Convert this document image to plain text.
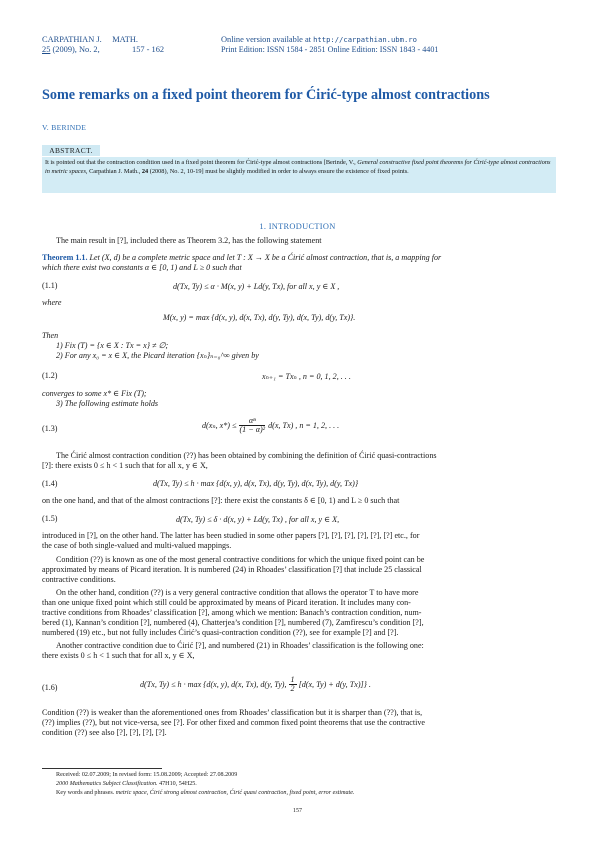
CARPATHIAN J.     MATH.
25 (2009), No. 2,	157 - 162
Online version available at http://carpathian.ubm.ro
Print Edition: ISSN 1584 - 2851 Online Edition: ISSN 1843 - 4401
Some remarks on a fixed point theorem for Ćirić-type almost contractions
V. BERINDE
ABSTRACT.
It is pointed out that the contraction condition used in a fixed point theorem for Ćirić-type almost contractions [Berinde, V., General constructive fixed point theorems for Ćirić-type almost contractions in metric spaces, Carpathian J. Math., 24 (2008), No. 2, 10-19] must be slightly modified in order to always ensure the existence of fixed points.
1. INTRODUCTION
The main result in [?], included there as Theorem 3.2, has the following statement
Theorem 1.1. Let (X, d) be a complete metric space and let T : X → X be a Ćirić almost contraction, that is, a mapping for
which there exist two constants α ∈ [0, 1) and L ≥ 0 such that
(1.1)	d(Tx, Ty) ≤ α · M(x, y) + Ld(y, Tx), for all x, y ∈ X ,
where
M(x, y) = max {d(x, y), d(x, Tx), d(y, Ty), d(x, Ty), d(y, Tx)}.
Then
1) Fix (T) = {x ∈ X : Tx = x} ≠ ∅;
2) For any x₀ = x ∈ X, the Picard iteration {xₙ}ₙ₌₀^∞ given by
(1.2)	xₙ₊₁ = Txₙ , n = 0, 1, 2, . . .
converges to some x* ∈ Fix (T);
3) The following estimate holds
(1.3)	d(xₙ, $x*) \le \frac{\text{αⁿ}}{\text{(1 − α)²}} d(x$, Tx) , n = 1, 2, . . .
The Ćirić almost contraction condition (??) has been obtained by combining the definition of Ćirić quasi-contractions
[?]: there exists 0 ≤ h < 1 such that for all x, y ∈ X,
(1.4)	d(Tx, Ty) ≤ h · max {d(x, y), d(x, Tx), d(y, Ty), d(x, Ty), d(y, Tx)}
on the one hand, and that of the almost contractions [?]: there exist the constants δ ∈ [0, 1) and L ≥ 0 such that
(1.5)	d(Tx, Ty) ≤ δ · d(x, y) + Ld(y, Tx) , for all x, y ∈ X,
introduced in [?], on the other hand. The latter has been studied in some other papers [?], [?], [?], [?], [?], [?] etc., for
the case of both single-valued and multi-valued mappings.
Condition (??) is known as one of the most general contractive conditions for which the unique fixed point can be
approximated by means of Picard iteration. It is numbered (24) in Rhoades’ classification [?] that include 25 classical
contractive conditions.
On the other hand, condition (??) is a very general contractive condition that allows the operator T to have more
than one unique fixed point which still could be approximated by means of Picard iteration. It includes many con-
tractive conditions from Rhoades’ classification [?], among which we mention: Banach’s contraction condition, num-
bered (1), Kannan’s condition [?], numbered (4), Chatterjea’s condition [?], numbered (7), Zamfirescu’s condition [?],
numbered (19) etc., but not fully includes Ćirić’s quasi-contraction condition (??), see for example [?] and [?].
Another contractive condition due to Ćirić [?], and numbered (21) in Rhoades’ classification is the following one:
there exists 0 ≤ h < 1 such that for all x, y ∈ X,
(1.6)	d(Tx, Ty) ≤ h · max {d(x, y), d(x, Tx), d(y, Ty), $\frac{1}{2} [d(x$, Ty) + d(y, Tx)]} .
Condition (??) is weaker than the aforementioned ones from Rhoades’ classification but it is sharper than (??), that is,
(??) implies (??), but not vice-versa, see [?]. For other fixed and common fixed point theorems that use the contractive
condition (??) see also [?], [?], [?], [?].
Received: 02.07.2009; In revised form: 15.08.2009; Accepted: 27.08.2009
2000 Mathematics Subject Classification. 47H10, 54H25.
Key words and phrases. metric space, Ćirić strong almost contraction, Ćirić quasi contraction, fixed point, error estimate.
157
